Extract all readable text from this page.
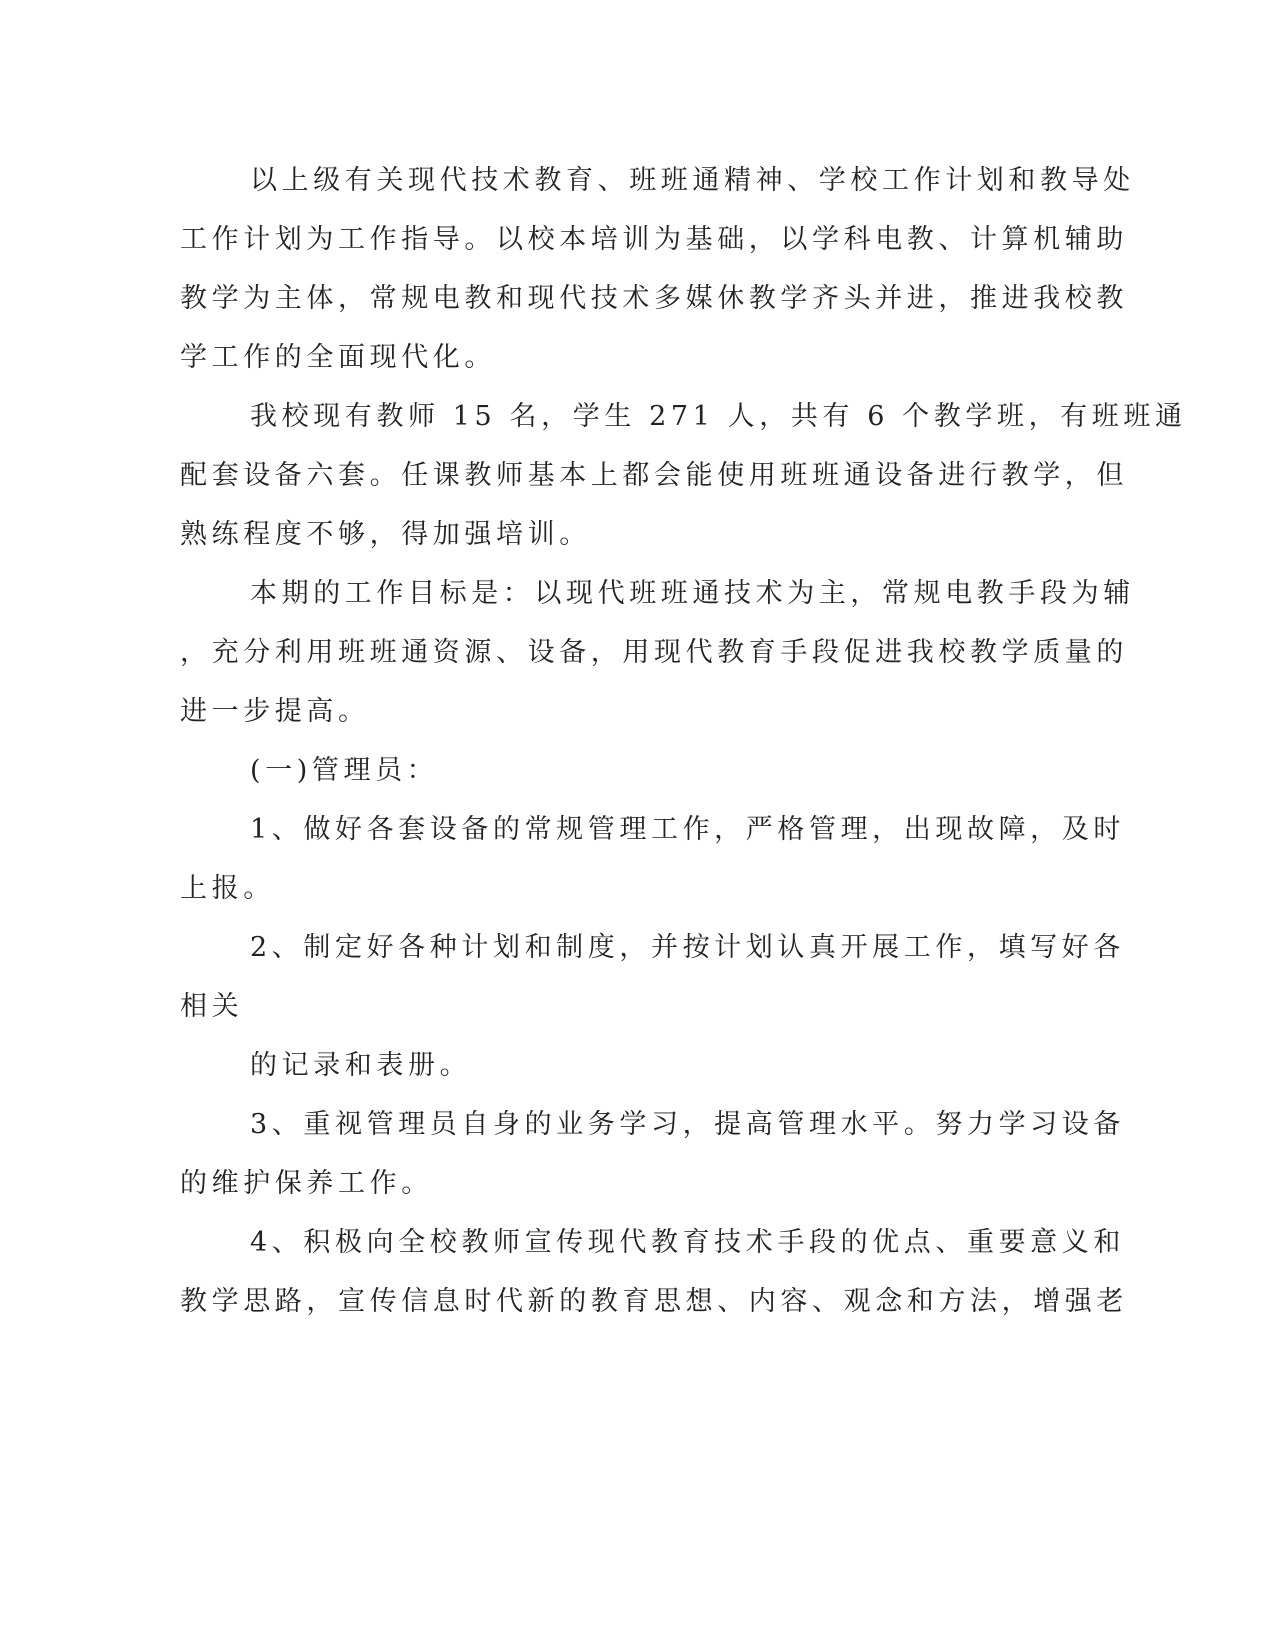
以上级有关现代技术教育、班班通精神、学校工作计划和教导处

工作计划为工作指导。以校本培训为基础，以学科电教、计算机辅助

教学为主体，常规电教和现代技术多媒休教学齐头并进，推进我校教

学工作的全面现代化。

我校现有教师 15 名，学生 271 人，共有 6 个教学班，有班班通

配套设备六套。任课教师基本上都会能使用班班通设备进行教学，但

熟练程度不够，得加强培训。

本期的工作目标是：以现代班班通技术为主，常规电教手段为辅

，充分利用班班通资源、设备，用现代教育手段促进我校教学质量的

进一步提高。

(一)管理员：

1、做好各套设备的常规管理工作，严格管理，出现故障，及时

上报。

2、制定好各种计划和制度，并按计划认真开展工作，填写好各

相关

的记录和表册。

3、重视管理员自身的业务学习，提高管理水平。努力学习设备

的维护保养工作。

4、积极向全校教师宣传现代教育技术手段的优点、重要意义和

教学思路，宣传信息时代新的教育思想、内容、观念和方法，增强老
